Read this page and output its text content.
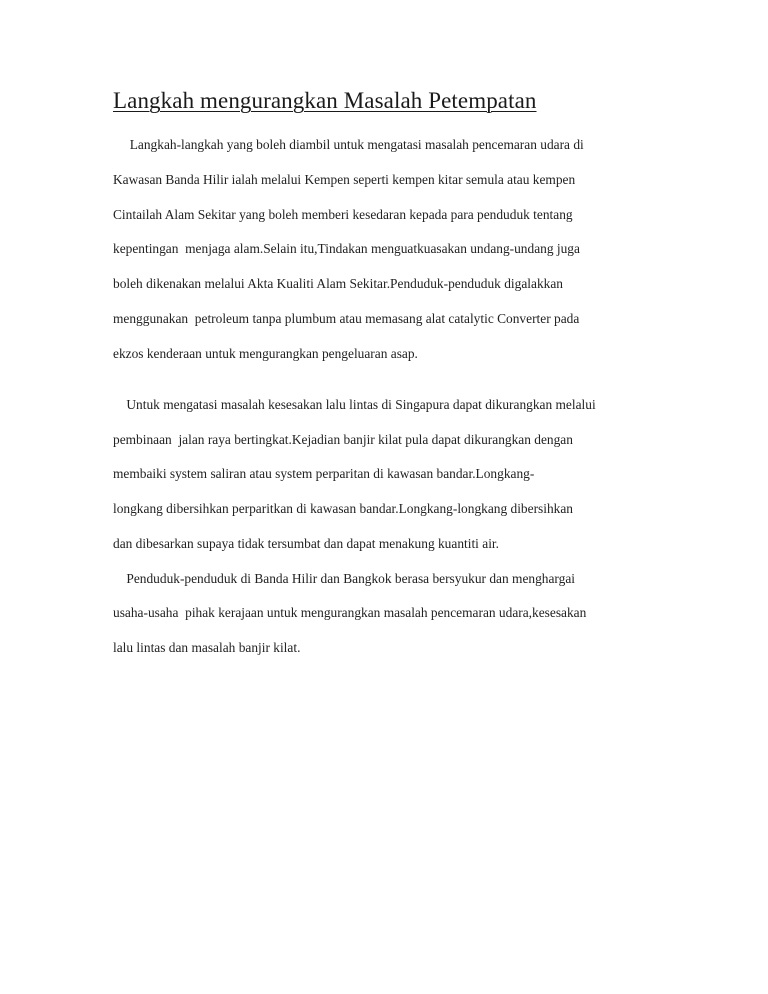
Langkah mengurangkan Masalah Petempatan

Langkah-langkah yang boleh diambil untuk mengatasi masalah pencemaran udara di

Kawasan Banda Hilir ialah melalui Kempen seperti kempen kitar semula atau kempen

Cintailah Alam Sekitar yang boleh memberi kesedaran kepada para penduduk tentang

kepentingan  menjaga alam.Selain itu,Tindakan menguatkuasakan undang-undang juga

boleh dikenakan melalui Akta Kualiti Alam Sekitar.Penduduk-penduduk digalakkan

menggunakan  petroleum tanpa plumbum atau memasang alat catalytic Converter pada

ekzos kenderaan untuk mengurangkan pengeluaran asap.

Untuk mengatasi masalah kesesakan lalu lintas di Singapura dapat dikurangkan melalui

pembinaan  jalan raya bertingkat.Kejadian banjir kilat pula dapat dikurangkan dengan

membaiki system saliran atau system perparitan di kawasan bandar.Longkang-

longkang dibersihkan perparitkan di kawasan bandar.Longkang-longkang dibersihkan

dan dibesarkan supaya tidak tersumbat dan dapat menakung kuantiti air.

Penduduk-penduduk di Banda Hilir dan Bangkok berasa bersyukur dan menghargai

usaha-usaha  pihak kerajaan untuk mengurangkan masalah pencemaran udara,kesesakan

lalu lintas dan masalah banjir kilat.
